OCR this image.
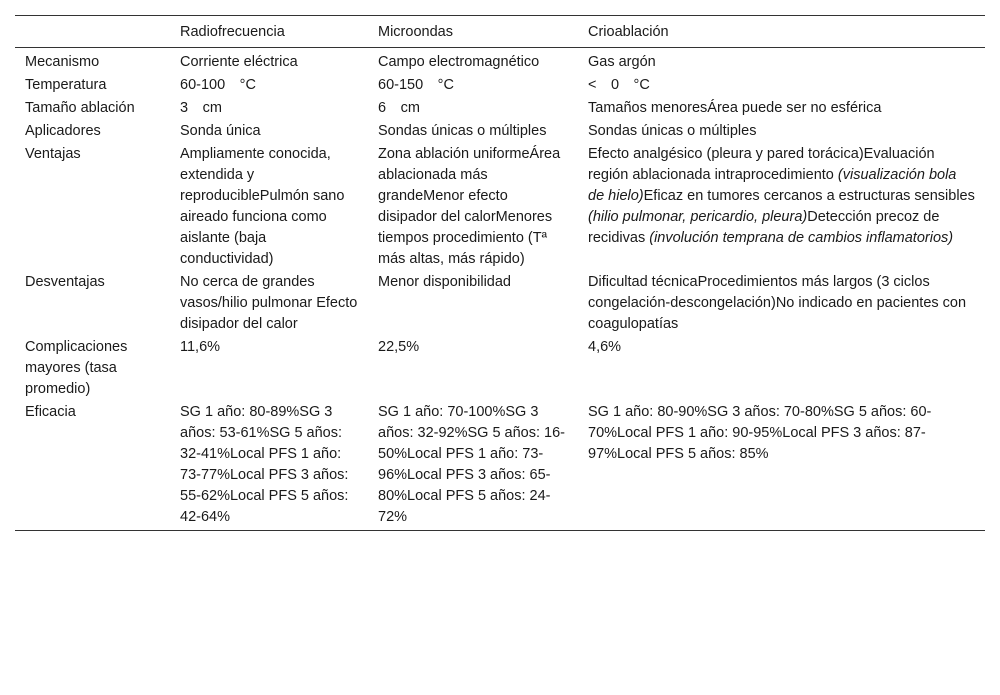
	Radiofrecuencia	Microondas	Crioablación
Mecanismo	Corriente eléctrica	Campo electromagnético	Gas argón
Temperatura	60-100 °C	60-150 °C	< 0 °C
Tamaño ablación	3 cm	6 cm	Tamaños menoresÁrea puede ser no esférica
Aplicadores	Sonda única	Sondas únicas o múltiples	Sondas únicas o múltiples
Ventajas	Ampliamente conocida, extendida y reproduciblePulmón sano aireado funciona como aislante (baja conductividad)	Zona ablación uniformeÁrea ablacionada más grandeMenor efecto disipador del calorMenores tiempos procedimiento (Tª más altas, más rápido)	Efecto analgésico (pleura y pared torácica)Evaluación región ablacionada intraprocedimiento (visualización bola de hielo)Eficaz en tumores cercanos a estructuras sensibles (hilio pulmonar, pericardio, pleura)Detección precoz de recidivas (involución temprana de cambios inflamatorios)
Desventajas	No cerca de grandes vasos/hilio pulmonar Efecto disipador del calor	Menor disponibilidad	Dificultad técnicaProcedimientos más largos (3 ciclos congelación-descongelación)No indicado en pacientes con coagulopatías
Complicaciones mayores (tasa promedio)	11,6%	22,5%	4,6%
Eficacia	SG 1 año: 80-89%SG 3 años: 53-61%SG 5 años: 32-41%Local PFS 1 año: 73-77%Local PFS 3 años: 55-62%Local PFS 5 años: 42-64%	SG 1 año: 70-100%SG 3 años: 32-92%SG 5 años: 16-50%Local PFS 1 año: 73-96%Local PFS 3 años: 65-80%Local PFS 5 años: 24-72%	SG 1 año: 80-90%SG 3 años: 70-80%SG 5 años: 60-70%Local PFS 1 año: 90-95%Local PFS 3 años: 87-97%Local PFS 5 años: 85%
